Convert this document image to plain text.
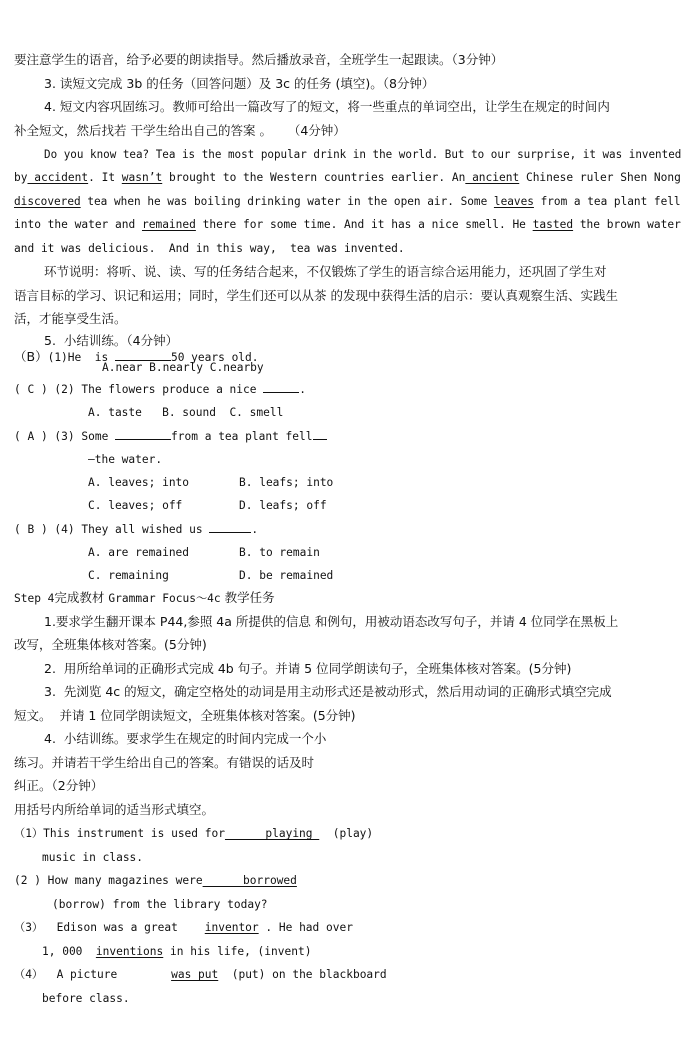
要注意学生的语音，给予必要的朗读指导。然后播放录音，全班学生一起跟读。（3分钟）
3. 读短文完成 3b 的任务（回答问题）及 3c 的任务 (填空)。（8分钟）
4. 短文内容巩固练习。教师可给出一篇改写了的短文，将一些重点的单词空出，让学生在规定的时间内
补全短文，然后找若 干学生给出自己的答案 。    （4分钟）
Do you know tea? Tea is the most popular drink in the world. But to our surprise, it was invented
by accident. It wasn’t brought to the Western countries earlier. An ancient Chinese ruler Shen Nong
discovered tea when he was boiling drinking water in the open air. Some leaves from a tea plant fell
into the water and remained there for some time. And it has a nice smell. He tasted the brown water
and it was delicious.  And in this way,  tea was invented.
环节说明：将听、说、读、写的任务结合起来，不仅锻炼了学生的语言综合运用能力，还巩固了学生对
语言目标的学习、识记和运用；同时，学生们还可以从茶 的发现中获得生活的启示：要认真观察生活、实践生
活，才能享受生活。
5.  小结训练。（4分钟）
（B）(1)He  is	50 years old.
A.near B.nearly C.nearby
( C ) (2) The flowers produce a nice	.
A. taste   B. sound  C. smell
( A ) (3) Some	from a tea plant fell
—the water.
A. leaves; into	B. leafs; into
C. leaves; off	D. leafs; off
( B ) (4) They all wished us	.
A. are remained	B. to remain
C. remaining	D. be remained
Step 4完成教材 Grammar Focus～4c 教学任务
1.要求学生翻开课本 P44,参照 4a 所提供的信息 和例句，用被动语态改写句子，并请 4 位同学在黑板上
改写，全班集体核对答案。(5分钟)
2.  用所给单词的正确形式完成 4b 句子。并请 5 位同学朗读句子，全班集体核对答案。(5分钟)
3.  先浏览 4c 的短文，确定空格处的动词是用主动形式还是被动形式，然后用动词的正确形式填空完成
短文。  并请 1 位同学朗读短文，全班集体核对答案。(5分钟)
4.  小结训练。要求学生在规定的时间内完成一个小
练习。并请若干学生给出自己的答案。有错误的话及时
纠正。（2分钟）
用括号内所给单词的适当形式填空。
（1）This instrument is used for      playing   (play)
music in class.
(2 ) How many magazines were      borrowed
(borrow) from the library today?
（3）  Edison was a great    inventor . He had over
1, 000  inventions in his life, (invent)
（4）  A picture        was put  (put) on the blackboard
before class.
